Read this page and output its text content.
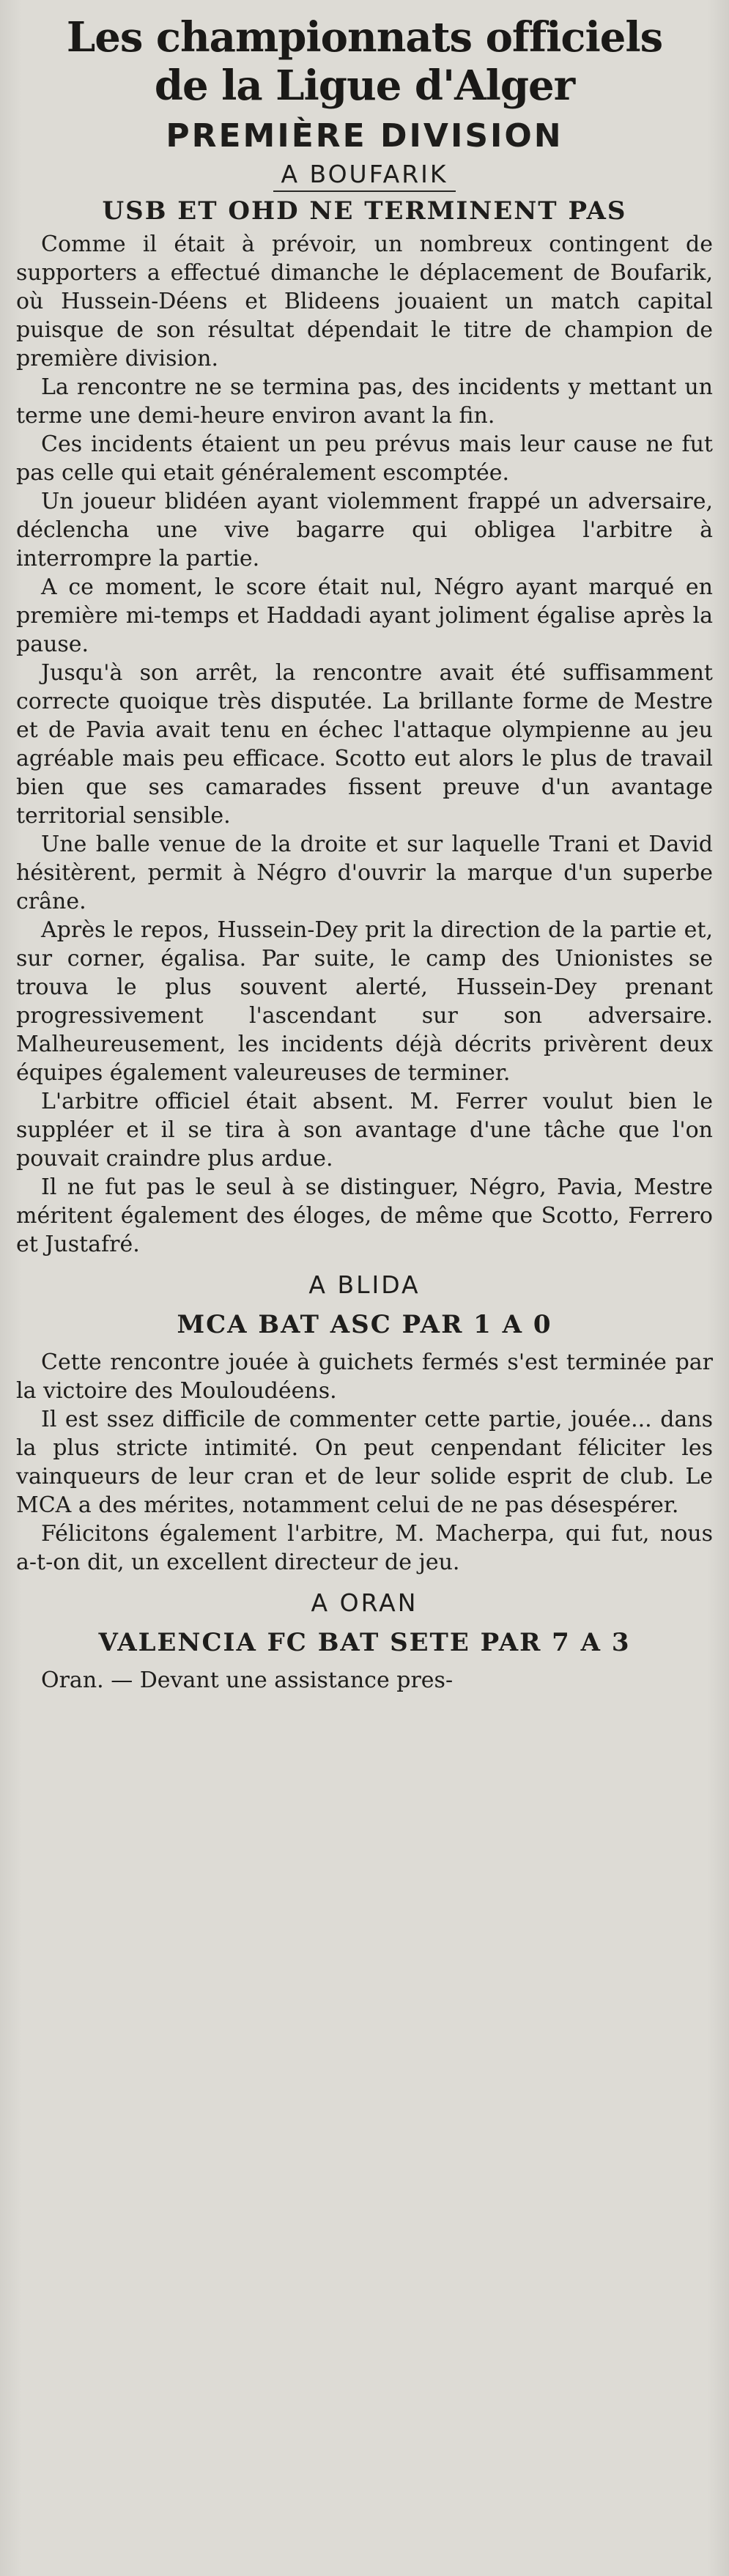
Les championnats officiels
de la Ligue d'Alger
PREMIÈRE DIVISION
A BOUFARIK
USB ET OHD NE TERMINENT PAS

Comme il était à prévoir, un nombreux contingent de supporters a effectué dimanche le déplacement de Boufarik, où Hussein-Déens et Blideens jouaient un match capital puisque de son résultat dépendait le titre de champion de première division.

La rencontre ne se termina pas, des incidents y mettant un terme une demi-heure environ avant la fin.

Ces incidents étaient un peu prévus mais leur cause ne fut pas celle qui etait généralement escomptée.

Un joueur blidéen ayant violemment frappé un adversaire, déclencha une vive bagarre qui obligea l'arbitre à interrompre la partie.

A ce moment, le score était nul, Négro ayant marqué en première mi-temps et Haddadi ayant joliment égalise après la pause.

Jusqu'à son arrêt, la rencontre avait été suffisamment correcte quoique très disputée. La brillante forme de Mestre et de Pavia avait tenu en échec l'attaque olympienne au jeu agréable mais peu efficace. Scotto eut alors le plus de travail bien que ses camarades fissent preuve d'un avantage territorial sensible.

Une balle venue de la droite et sur laquelle Trani et David hésitèrent, permit à Négro d'ouvrir la marque d'un superbe crâne.

Après le repos, Hussein-Dey prit la direction de la partie et, sur corner, égalisa. Par suite, le camp des Unionistes se trouva le plus souvent alerté, Hussein-Dey prenant progressivement l'ascendant sur son adversaire. Malheureusement, les incidents déjà décrits privèrent deux équipes également valeureuses de terminer.

L'arbitre officiel était absent. M. Ferrer voulut bien le suppléer et il se tira à son avantage d'une tâche que l'on pouvait craindre plus ardue.

Il ne fut pas le seul à se distinguer, Négro, Pavia, Mestre méritent également des éloges, de même que Scotto, Ferrero et Justafré.

A BLIDA
MCA BAT ASC PAR 1 A 0

Cette rencontre jouée à guichets fermés s'est terminée par la victoire des Mouloudéens.

Il est ssez difficile de commenter cette partie, jouée... dans la plus stricte intimité. On peut cenpendant féliciter les vainqueurs de leur cran et de leur solide esprit de club. Le MCA a des mérites, notamment celui de ne pas désespérer.

Félicitons également l'arbitre, M. Macherpa, qui fut, nous a-t-on dit, un excellent directeur de jeu.

A ORAN
VALENCIA FC BAT SETE PAR 7 A 3

Oran. — Devant une assistance pres-
